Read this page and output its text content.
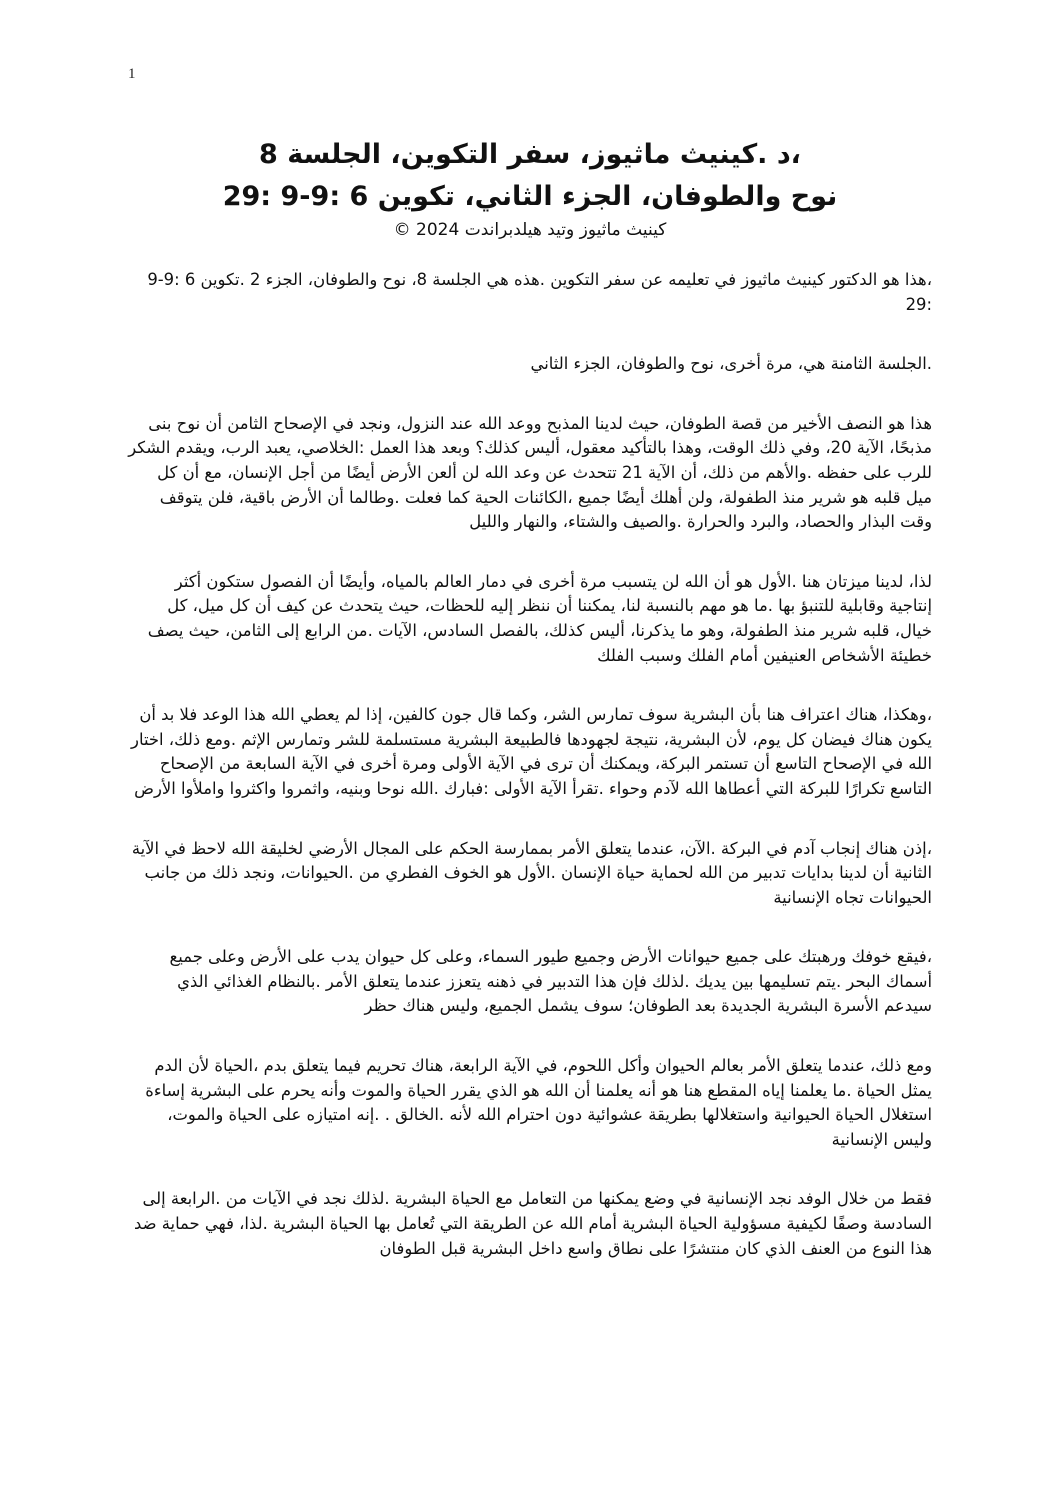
1
،د .كينيث ماثيوز، سفر التكوين، الجلسة 8
نوح والطوفان، الجزء الثاني، تكوين 6 :9-9 :29
كينيث ماثيوز وتيد هيلدبراندت 2024 ©

،هذا هو الدكتور كينيث ماثيوز في تعليمه عن سفر التكوين .هذه هي الجلسة 8، نوح والطوفان، الجزء 2 .تكوين 6 :9-9 :29

.الجلسة الثامنة هي، مرة أخرى، نوح والطوفان، الجزء الثاني

هذا هو النصف الأخير من قصة الطوفان، حيث لدينا المذبح ووعد الله عند النزول، ونجد في الإصحاح الثامن أن نوح بنى مذبحًا، الآية 20، وفي ذلك الوقت، وهذا بالتأكيد معقول، أليس كذلك؟ وبعد هذا العمل :الخلاصي، يعبد الرب، ويقدم الشكر للرب على حفظه .والأهم من ذلك، أن الآية 21 تتحدث عن وعد الله لن ألعن الأرض أيضًا من أجل الإنسان، مع أن كل ميل قلبه هو شرير منذ الطفولة، ولن أهلك أيضًا جميع ،الكائنات الحية كما فعلت .وطالما أن الأرض باقية، فلن يتوقف وقت البذار والحصاد، والبرد والحرارة .والصيف والشتاء، والنهار والليل

لذا، لدينا ميزتان هنا .الأول هو أن الله لن يتسبب مرة أخرى في دمار العالم بالمياه، وأيضًا أن الفصول ستكون أكثر إنتاجية وقابلية للتنبؤ بها .ما هو مهم بالنسبة لنا، يمكننا أن ننظر إليه للحظات، حيث يتحدث عن كيف أن كل ميل، كل خيال، قلبه شرير منذ الطفولة، وهو ما يذكرنا، أليس كذلك، بالفصل السادس، الآيات .من الرابع إلى الثامن، حيث يصف خطيئة الأشخاص العنيفين أمام الفلك وسبب الفلك

،وهكذا، هناك اعتراف هنا بأن البشرية سوف تمارس الشر، وكما قال جون كالفين، إذا لم يعطي الله هذا الوعد فلا بد أن يكون هناك فيضان كل يوم، لأن البشرية، نتيجة لجهودها فالطبيعة البشرية مستسلمة للشر وتمارس الإثم .ومع ذلك، اختار الله في الإصحاح التاسع أن تستمر البركة، ويمكنك أن ترى في الآية الأولى ومرة أخرى في الآية السابعة من الإصحاح التاسع تكرارًا للبركة التي أعطاها الله لآدم وحواء .تقرأ الآية الأولى :فبارك .الله نوحا وبنيه، واثمروا واكثروا واملأوا الأرض

،إذن هناك إنجاب آدم في البركة .الآن، عندما يتعلق الأمر بممارسة الحكم على المجال الأرضي لخليقة الله لاحظ في الآية الثانية أن لدينا بدايات تدبير من الله لحماية حياة الإنسان .الأول هو الخوف الفطري من .الحيوانات، ونجد ذلك من جانب الحيوانات تجاه الإنسانية

،فيقع خوفك ورهبتك على جميع حيوانات الأرض وجميع طيور السماء، وعلى كل حيوان يدب على الأرض وعلى جميع أسماك البحر .يتم تسليمها بين يديك .لذلك فإن هذا التدبير في ذهنه يتعزز عندما يتعلق الأمر .بالنظام الغذائي الذي سيدعم الأسرة البشرية الجديدة بعد الطوفان؛ سوف يشمل الجميع، وليس هناك حظر

ومع ذلك، عندما يتعلق الأمر بعالم الحيوان وأكل اللحوم، في الآية الرابعة، هناك تحريم فيما يتعلق بدم ،الحياة لأن الدم يمثل الحياة .ما يعلمنا إياه المقطع هنا هو أنه يعلمنا أن الله هو الذي يقرر الحياة والموت وأنه يحرم على البشرية إساءة استغلال الحياة الحيوانية واستغلالها بطريقة عشوائية دون احترام الله لأنه .الخالق . .إنه امتيازه على الحياة والموت، وليس الإنسانية

فقط من خلال الوفد نجد الإنسانية في وضع يمكنها من التعامل مع الحياة البشرية .لذلك نجد في الآيات من .الرابعة إلى السادسة وصفًا لكيفية مسؤولية الحياة البشرية أمام الله عن الطريقة التي تُعامل بها الحياة البشرية .لذا، فهي حماية ضد هذا النوع من العنف الذي كان منتشرًا على نطاق واسع داخل البشرية قبل الطوفان
